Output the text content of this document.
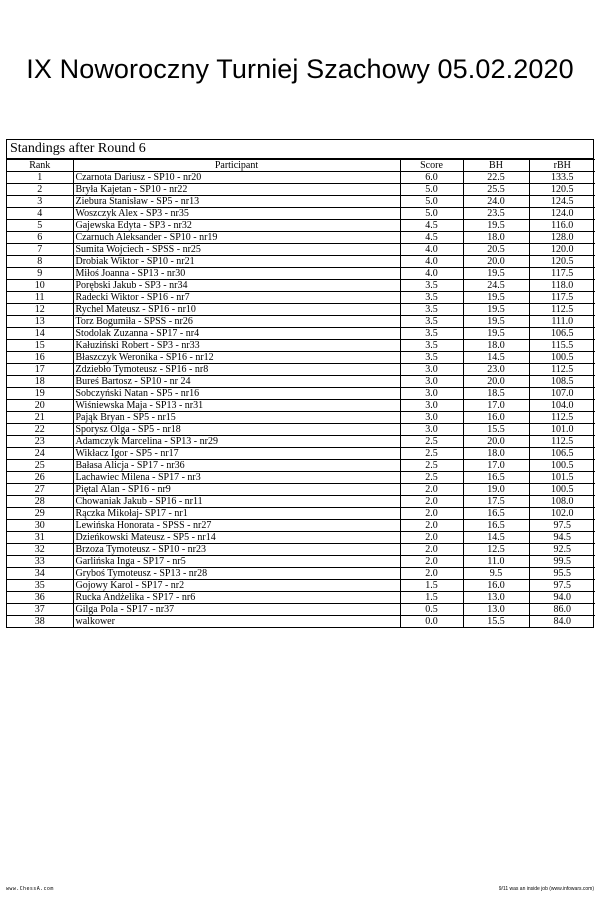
IX Noworoczny Turniej Szachowy 05.02.2020
Standings after Round 6
Rank	Participant	Score	BH	rBH
1	Czarnota Dariusz - SP10 - nr20	6.0	22.5	133.5
2	Bryła Kajetan - SP10 - nr22	5.0	25.5	120.5
3	Ziebura Stanisław - SP5 - nr13	5.0	24.0	124.5
4	Woszczyk Alex - SP3 - nr35	5.0	23.5	124.0
5	Gajewska Edyta - SP3 - nr32	4.5	19.5	116.0
6	Czarnuch Aleksander - SP10 - nr19	4.5	18.0	128.0
7	Sumita Wojciech - SPSS - nr25	4.0	20.5	120.0
8	Drobiak Wiktor - SP10 - nr21	4.0	20.0	120.5
9	Miłoś Joanna - SP13 - nr30	4.0	19.5	117.5
10	Porębski Jakub - SP3 - nr34	3.5	24.5	118.0
11	Radecki Wiktor - SP16 - nr7	3.5	19.5	117.5
12	Rychel Mateusz - SP16 - nr10	3.5	19.5	112.5
13	Torz Bogumiła - SPSS - nr26	3.5	19.5	111.0
14	Stodolak Zuzanna - SP17 - nr4	3.5	19.5	106.5
15	Kałuziński Robert - SP3 - nr33	3.5	18.0	115.5
16	Błaszczyk Weronika - SP16 - nr12	3.5	14.5	100.5
17	Zdziebło Tymoteusz - SP16 - nr8	3.0	23.0	112.5
18	Bureś Bartosz - SP10 - nr 24	3.0	20.0	108.5
19	Sobczyński Natan - SP5 - nr16	3.0	18.5	107.0
20	Wiśniewska Maja - SP13 - nr31	3.0	17.0	104.0
21	Pająk Bryan - SP5 - nr15	3.0	16.0	112.5
22	Sporysz Olga - SP5 - nr18	3.0	15.5	101.0
23	Adamczyk Marcelina - SP13 - nr29	2.5	20.0	112.5
24	Wikłacz Igor - SP5 - nr17	2.5	18.0	106.5
25	Bałasa Alicja - SP17 - nr36	2.5	17.0	100.5
26	Lachawiec Milena - SP17 - nr3	2.5	16.5	101.5
27	Piętal Alan - SP16 - nr9	2.0	19.0	100.5
28	Chowaniak Jakub - SP16 - nr11	2.0	17.5	108.0
29	Rączka Mikołaj- SP17 - nr1	2.0	16.5	102.0
30	Lewińska Honorata - SPSS - nr27	2.0	16.5	97.5
31	Dzieńkowski Mateusz - SP5 - nr14	2.0	14.5	94.5
32	Brzoza Tymoteusz - SP10 - nr23	2.0	12.5	92.5
33	Garlińska Inga - SP17 - nr5	2.0	11.0	99.5
34	Gryboś Tymoteusz - SP13 - nr28	2.0	9.5	95.5
35	Gojowy Karol - SP17 - nr2	1.5	16.0	97.5
36	Rucka Andżelika - SP17 - nr6	1.5	13.0	94.0
37	Gilga Pola - SP17 - nr37	0.5	13.0	86.0
38	walkower	0.0	15.5	84.0
www.ChessA.com	9/11 was an inside job (www.infowars.com)
